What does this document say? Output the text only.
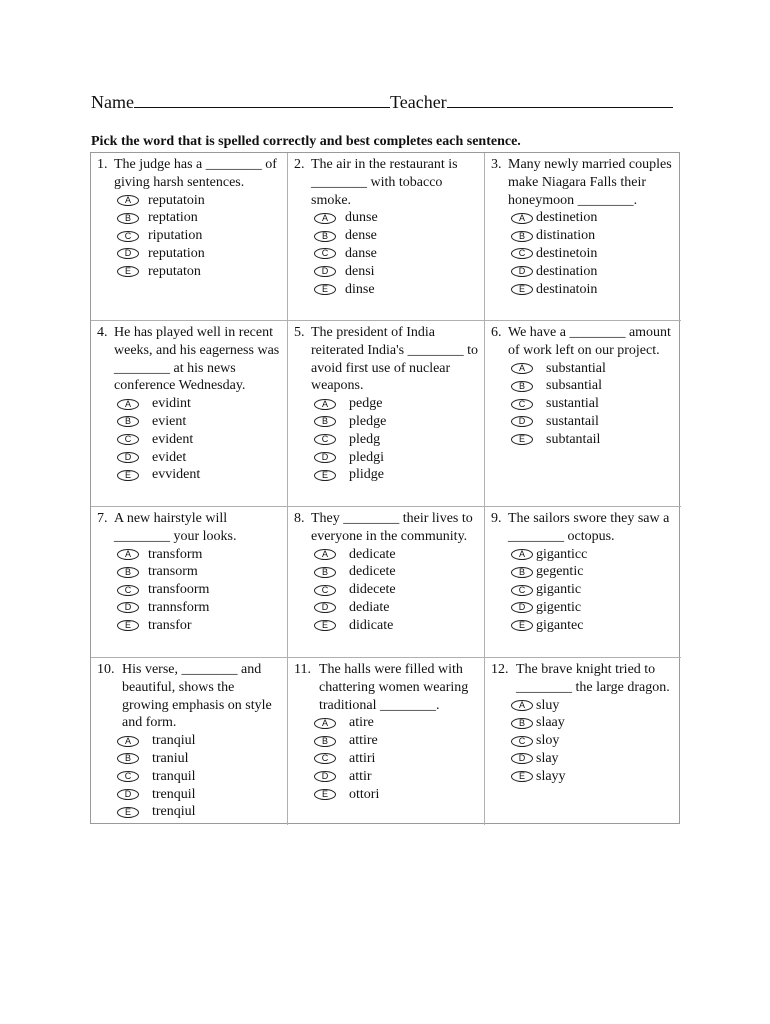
Name	Teacher
Pick the word that is spelled correctly and best completes each sentence.
1. The judge has a ________ of giving harsh sentences.
A	reputatoin
B	reptation
C	riputation
D	reputation
E	reputaton
2. The air in the restaurant is ________ with tobacco smoke.
A	dunse
B	dense
C	danse
D	densi
E	dinse
3. Many newly married couples make Niagara Falls their honeymoon ________.
A destinetion
B distination
C destinetoin
D destination
E destinatoin
4. He has played well in recent weeks, and his eagerness was ________ at his news conference Wednesday.
A	evidint
B	evient
C	evident
D	evidet
E	evvident
5. The president of India reiterated India's ________ to avoid first use of nuclear weapons.
A	pedge
B	pledge
C	pledg
D	pledgi
E	plidge
6. We have a ________ amount of work left on our project.
A	substantial
B	subsantial
C	sustantial
D	sustantail
E	subtantail
7. A new hairstyle will ________ your looks.
A	transform
B	transorm
C	transfoorm
D	trannsform
E	transfor
8. They ________ their lives to everyone in the community.
A	dedicate
B	dedicete
C	didecete
D	dediate
E	didicate
9. The sailors swore they saw a ________ octopus.
A giganticc
B gegentic
C gigantic
D gigentic
E gigantec
10. His verse, ________ and beautiful, shows the growing emphasis on style and form.
A	tranqiul
B	traniul
C	tranquil
D	trenquil
E	trenqiul
11. The halls were filled with chattering women wearing traditional ________.
A	atire
B	attire
C	attiri
D	attir
E	ottori
12. The brave knight tried to ________ the large dragon.
A sluy
B slaay
C sloy
D slay
E slayy
